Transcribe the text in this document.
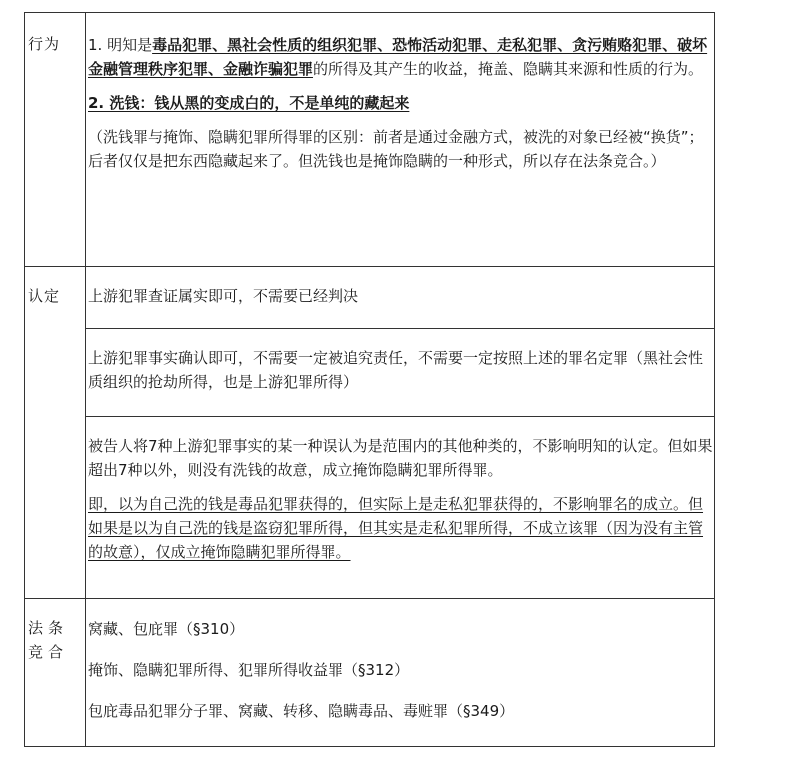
行为	1. 明知是毒品犯罪、黑社会性质的组织犯罪、恐怖活动犯罪、走私犯罪、贪污贿赂犯罪、破坏金融管理秩序犯罪、金融诈骗犯罪的所得及其产生的收益，掩盖、隐瞒其来源和性质的行为。

2. 洗钱：钱从黑的变成白的，不是单纯的藏起来

（洗钱罪与掩饰、隐瞒犯罪所得罪的区别：前者是通过金融方式，被洗的对象已经被“换货”；后者仅仅是把东西隐藏起来了。但洗钱也是掩饰隐瞒的一种形式，所以存在法条竞合。）

认定	上游犯罪查证属实即可，不需要已经判决
上游犯罪事实确认即可，不需要一定被追究责任，不需要一定按照上述的罪名定罪（黑社会性质组织的抢劫所得，也是上游犯罪所得）

被告人将7种上游犯罪事实的某一种误认为是范围内的其他种类的，不影响明知的认定。但如果超出7种以外，则没有洗钱的故意，成立掩饰隐瞒犯罪所得罪。

即，以为自己洗的钱是毒品犯罪获得的，但实际上是走私犯罪获得的，不影响罪名的成立。但如果是以为自己洗的钱是盗窃犯罪所得，但其实是走私犯罪所得，不成立该罪（因为没有主管的故意），仅成立掩饰隐瞒犯罪所得罪。

法条竞合

窝藏、包庇罪（§310）

掩饰、隐瞒犯罪所得、犯罪所得收益罪（§312）

包庇毒品犯罪分子罪、窝藏、转移、隐瞒毒品、毒赃罪（§349）
